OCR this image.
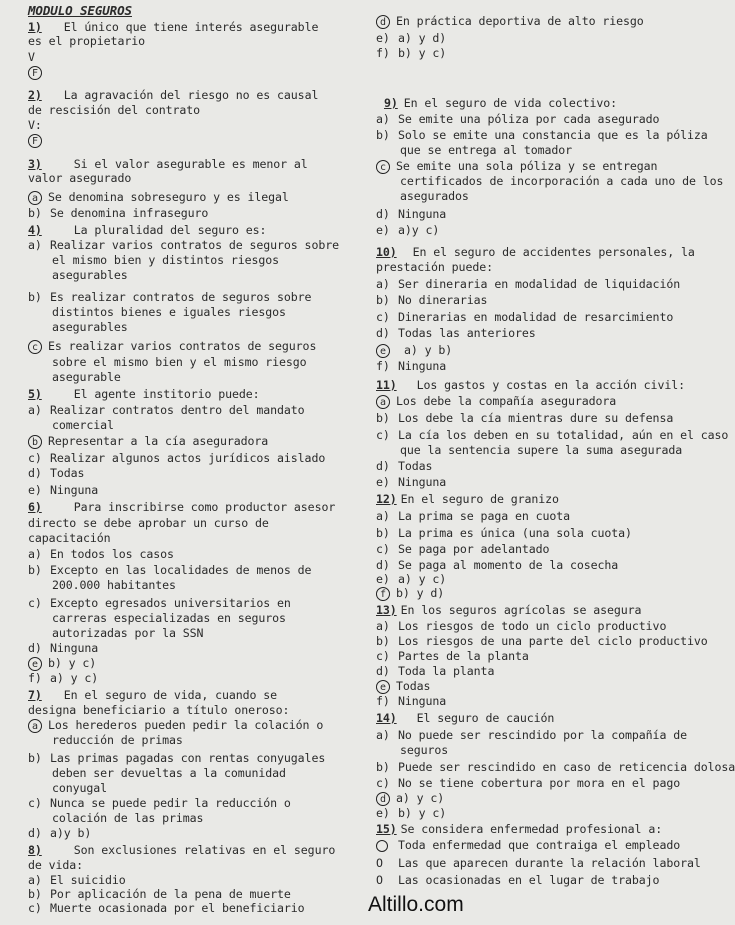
MODULO SEGUROS
1) El único que tiene interés asegurable
es el propietario
V
F
2) La agravación del riesgo no es causal
de rescisión del contrato
V:
F
3)	Si el valor asegurable es menor al
valor asegurado
a Se denomina sobreseguro y es ilegal
b) Se denomina infraseguro
4)	La pluralidad del seguro es:
a) Realizar varios contratos de seguros sobre
el mismo bien y distintos riesgos
asegurables
b) Es realizar contratos de seguros sobre
distintos bienes e iguales riesgos
asegurables
c Es realizar varios contratos de seguros
sobre el mismo bien y el mismo riesgo
asegurable
5)	El agente institorio puede:
a) Realizar contratos dentro del mandato
comercial
b Representar a la cía aseguradora
c) Realizar algunos actos jurídicos aislado
d) Todas
e) Ninguna
6)	Para inscribirse como productor asesor
directo se debe aprobar un curso de
capacitación
a) En todos los casos
b) Excepto en las localidades de menos de
200.000 habitantes
c) Excepto egresados universitarios en
carreras especializadas en seguros
autorizadas por la SSN
d) Ninguna
e b) y c)
f) a) y c)
7) En el seguro de vida, cuando se
designa beneficiario a título oneroso:
a Los herederos pueden pedir la colación o
reducción de primas
b) Las primas pagadas con rentas conyugales
deben ser devueltas a la comunidad
conyugal
c) Nunca se puede pedir la reducción o
colación de las primas
d) a)y b)
8)	Son exclusiones relativas en el seguro
de vida:
a) El suicidio
b) Por aplicación de la pena de muerte
c) Muerte ocasionada por el beneficiario
d En práctica deportiva de alto riesgo
e) a) y d)
f) b) y c)
9) En el seguro de vida colectivo:
a) Se emite una póliza por cada asegurado
b) Solo se emite una constancia que es la póliza
que se entrega al tomador
c Se emite una sola póliza y se entregan
certificados de incorporación a cada uno de los
asegurados
d) Ninguna
e) a)y c)
10) En el seguro de accidentes personales, la
prestación puede:
a) Ser dineraria en modalidad de liquidación
b) No dinerarias
c) Dinerarias en modalidad de resarcimiento
d) Todas las anteriores
e a) y b)
f) Ninguna
11) Los gastos y costas en la acción civil:
a Los debe la compañía aseguradora
b) Los debe la cía mientras dure su defensa
c) La cía los deben en su totalidad, aún en el caso
que la sentencia supere la suma asegurada
d) Todas
e) Ninguna
12) En el seguro de granizo
a) La prima se paga en cuota
b) La prima es única (una sola cuota)
c) Se paga por adelantado
d) Se paga al momento de la cosecha
e) a) y c)
f b) y d)
13) En los seguros agrícolas se asegura
a) Los riesgos de todo un ciclo productivo
b) Los riesgos de una parte del ciclo productivo
c) Partes de la planta
d) Toda la planta
e Todas
f) Ninguna
14) El seguro de caución
a) No puede ser rescindido por la compañía de
seguros
b) Puede ser rescindido en caso de reticencia dolosa
c) No se tiene cobertura por mora en el pago
d a) y c)
e) b) y c)
15) Se considera enfermedad profesional a:
Toda enfermedad que contraiga el empleado
O Las que aparecen durante la relación laboral
O Las ocasionadas en el lugar de trabajo
Altillo.com
